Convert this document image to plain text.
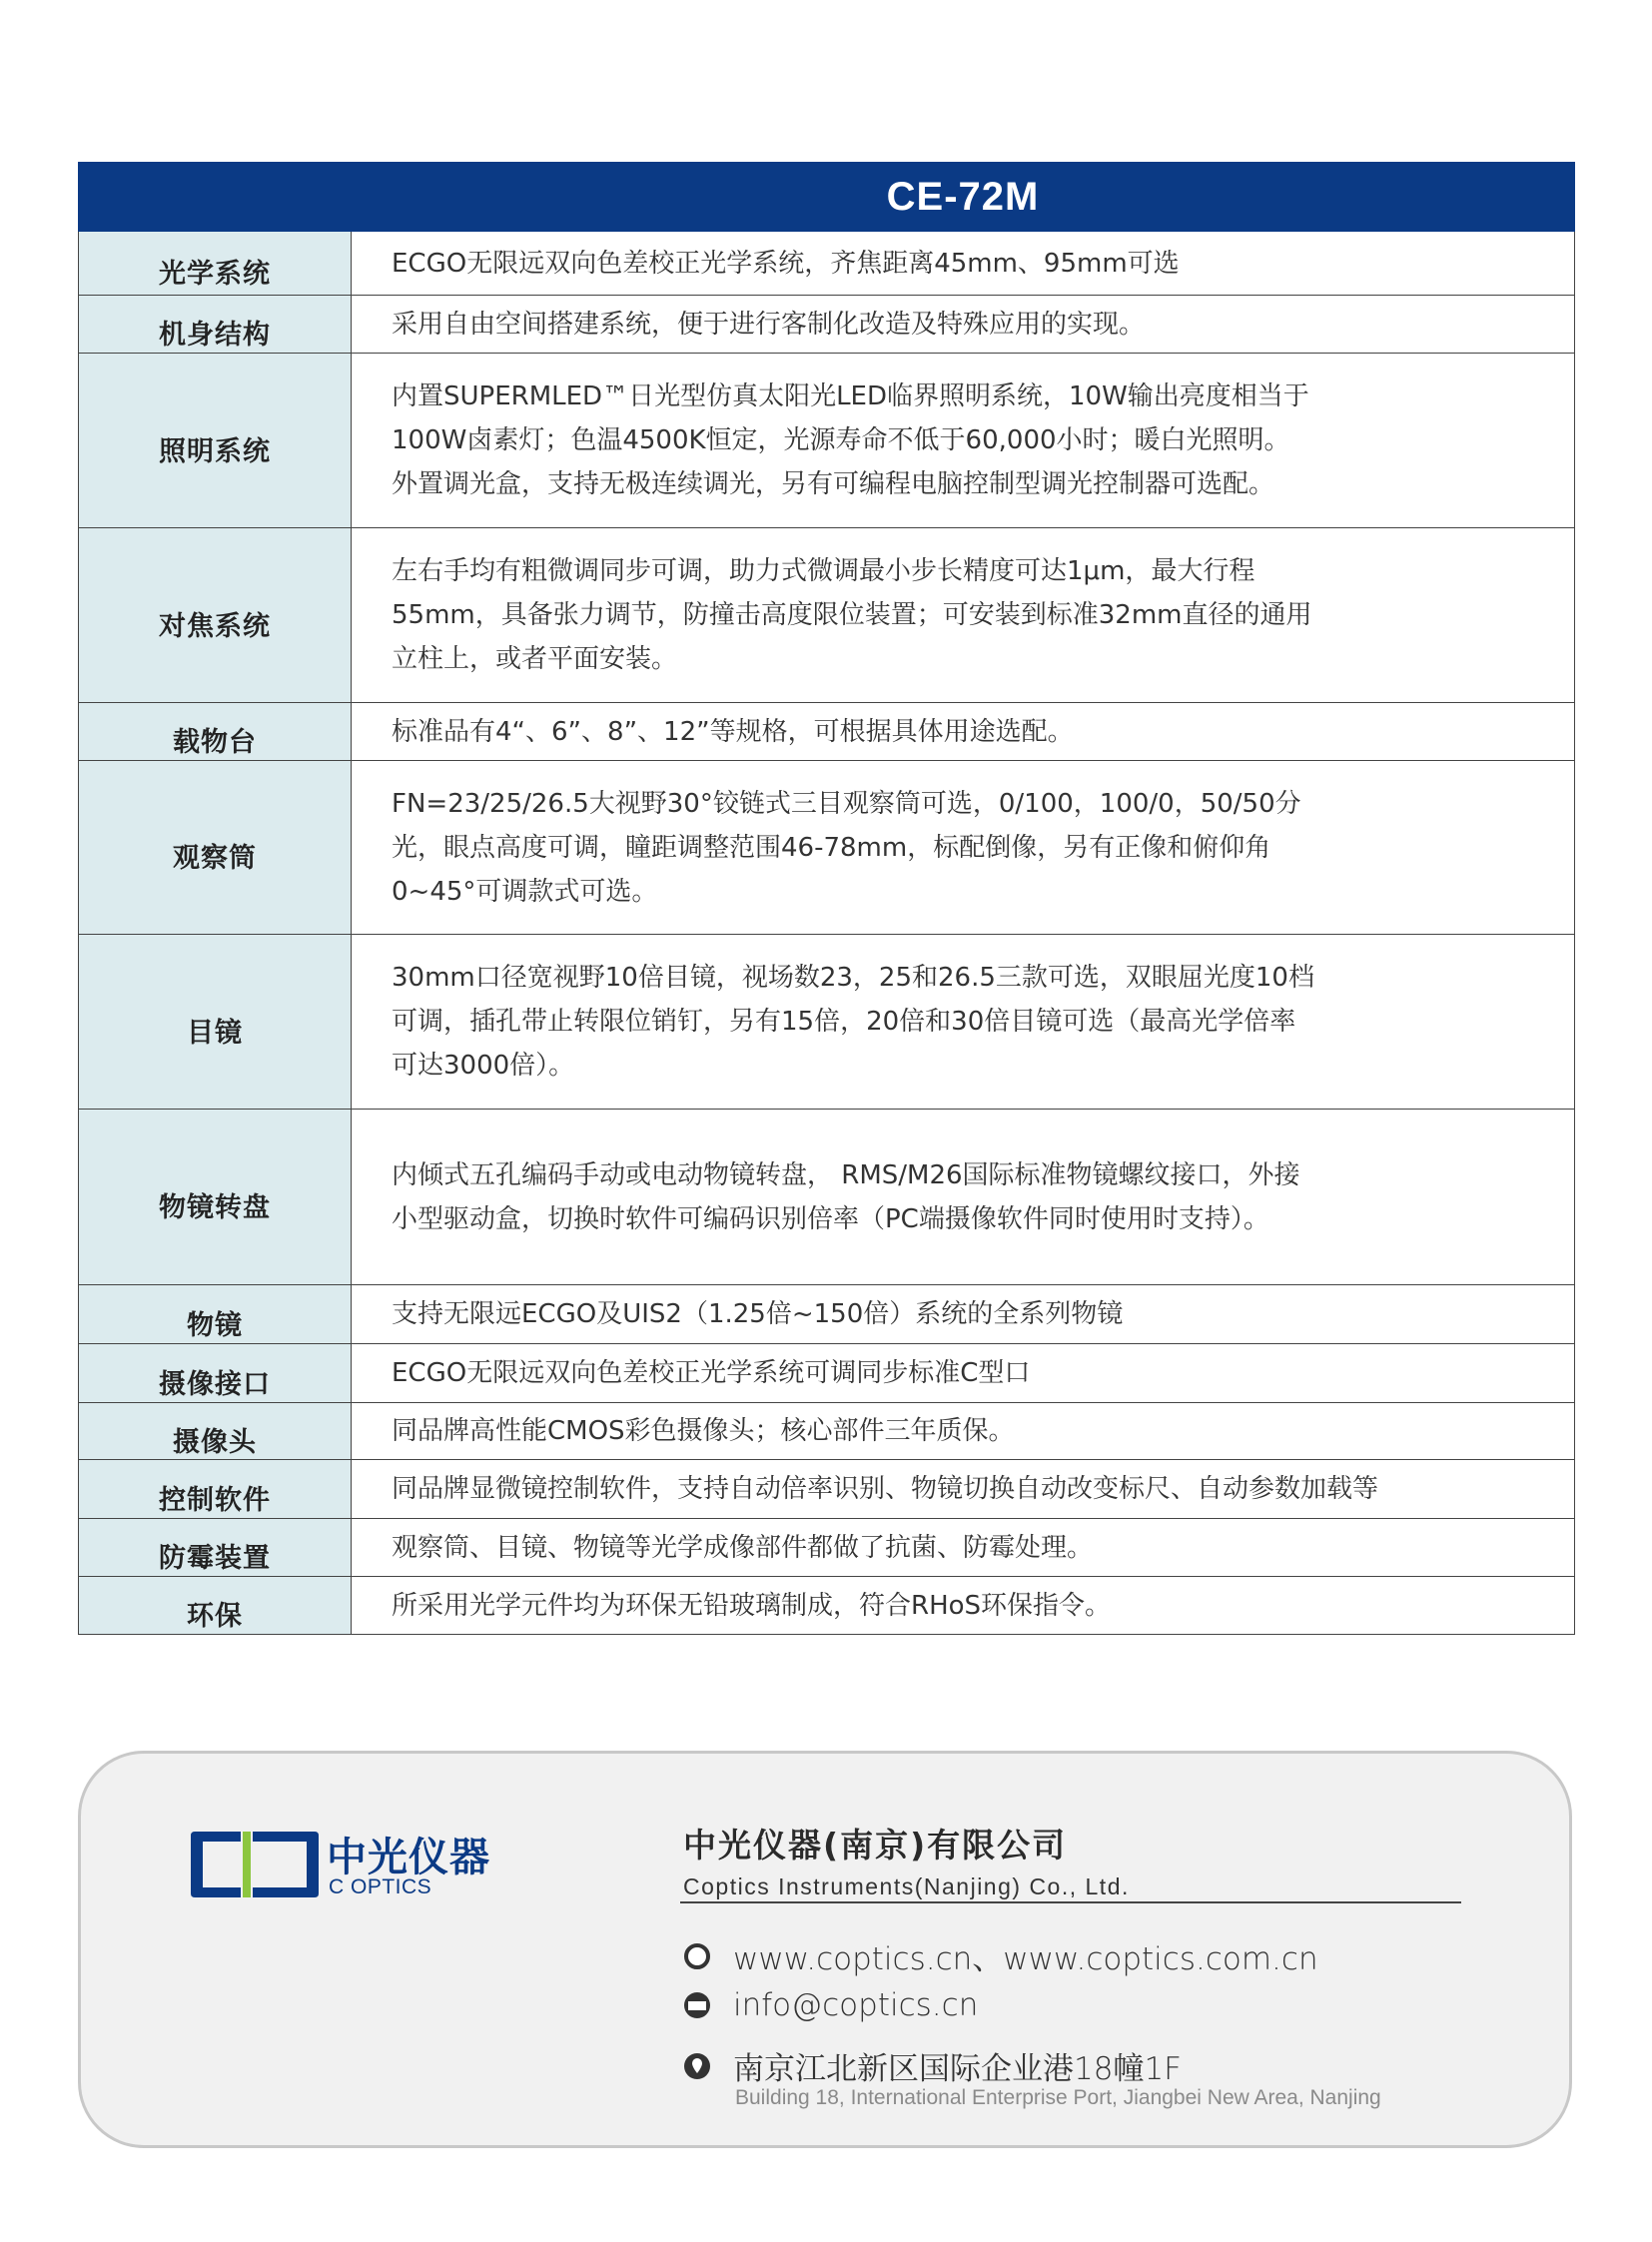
	CE-72M
光学系统	ECGO无限远双向色差校正光学系统，齐焦距离45mm、95mm可选

机身结构	采用自由空间搭建系统，便于进行客制化改造及特殊应用的实现。

照明系统	内置SUPERMLED™日光型仿真太阳光LED临界照明系统，10W输出亮度相当于
100W卤素灯；色温4500K恒定，光源寿命不低于60,000小时；暖白光照明。
外置调光盒，支持无极连续调光，另有可编程电脑控制型调光控制器可选配。

对焦系统	左右手均有粗微调同步可调，助力式微调最小步长精度可达1μm，最大行程
55mm，具备张力调节，防撞击高度限位装置；可安装到标准32mm直径的通用
立柱上，或者平面安装。

载物台	标准品有4“、6”、8”、12”等规格，可根据具体用途选配。

观察筒	FN=23/25/26.5大视野30°铰链式三目观察筒可选，0/100，100/0，50/50分
光，眼点高度可调，瞳距调整范围46-78mm，标配倒像，另有正像和俯仰角
0~45°可调款式可选。

目镜	30mm口径宽视野10倍目镜，视场数23，25和26.5三款可选，双眼屈光度10档
可调，插孔带止转限位销钉，另有15倍，20倍和30倍目镜可选（最高光学倍率
可达3000倍）。

物镜转盘	内倾式五孔编码手动或电动物镜转盘， RMS/M26国际标准物镜螺纹接口，外接
小型驱动盒，切换时软件可编码识别倍率（PC端摄像软件同时使用时支持）。

物镜	支持无限远ECGO及UIS2（1.25倍~150倍）系统的全系列物镜

摄像接口	ECGO无限远双向色差校正光学系统可调同步标准C型口

摄像头	同品牌高性能CMOS彩色摄像头；核心部件三年质保。

控制软件	同品牌显微镜控制软件，支持自动倍率识别、物镜切换自动改变标尺、自动参数加载等

防霉装置	观察筒、目镜、物镜等光学成像部件都做了抗菌、防霉处理。

环保	所采用光学元件均为环保无铅玻璃制成，符合RHoS环保指令。
中光仪器
C OPTICS
中光仪器(南京)有限公司
Coptics Instruments(Nanjing) Co., Ltd.
www.coptics.cn、www.coptics.com.cn
info@coptics.cn
南京江北新区国际企业港18幢1F
Building 18, International Enterprise Port, Jiangbei New Area, Nanjing
